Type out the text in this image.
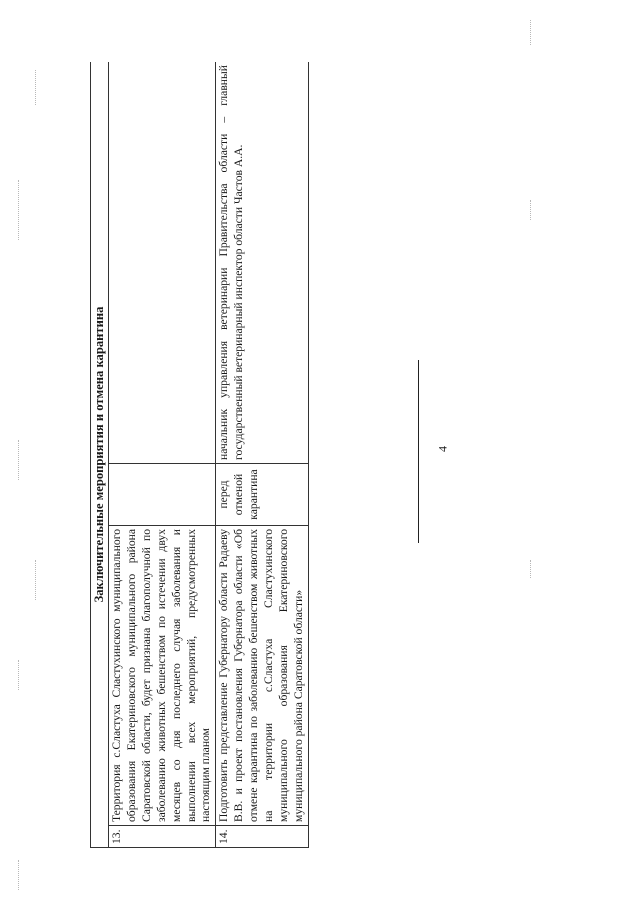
4
Заключительные мероприятия и отмена карантина			
13.	Территория с.Сластуха Сластухинского муниципального образования Екатериновского муниципального района Саратовской области, будет признана благополучной по заболеванию животных бешенством по истечении двух месяцев со дня последнего случая заболевания и выполнении всех мероприятий, предусмотренных настоящим планом		
14.	Подготовить представление Губернатору области Радаеву В.В. и проект постановления Губернатора области «Об отмене карантина по заболеванию бешенством животных на территории с.Сластуха Сластухинского муниципального образования Екатериновского муниципального района Саратовской области»	перед отменой карантина	начальник управления ветеринарии Правительства области – главный государственный ветеринарный инспектор области Частов А.А.
